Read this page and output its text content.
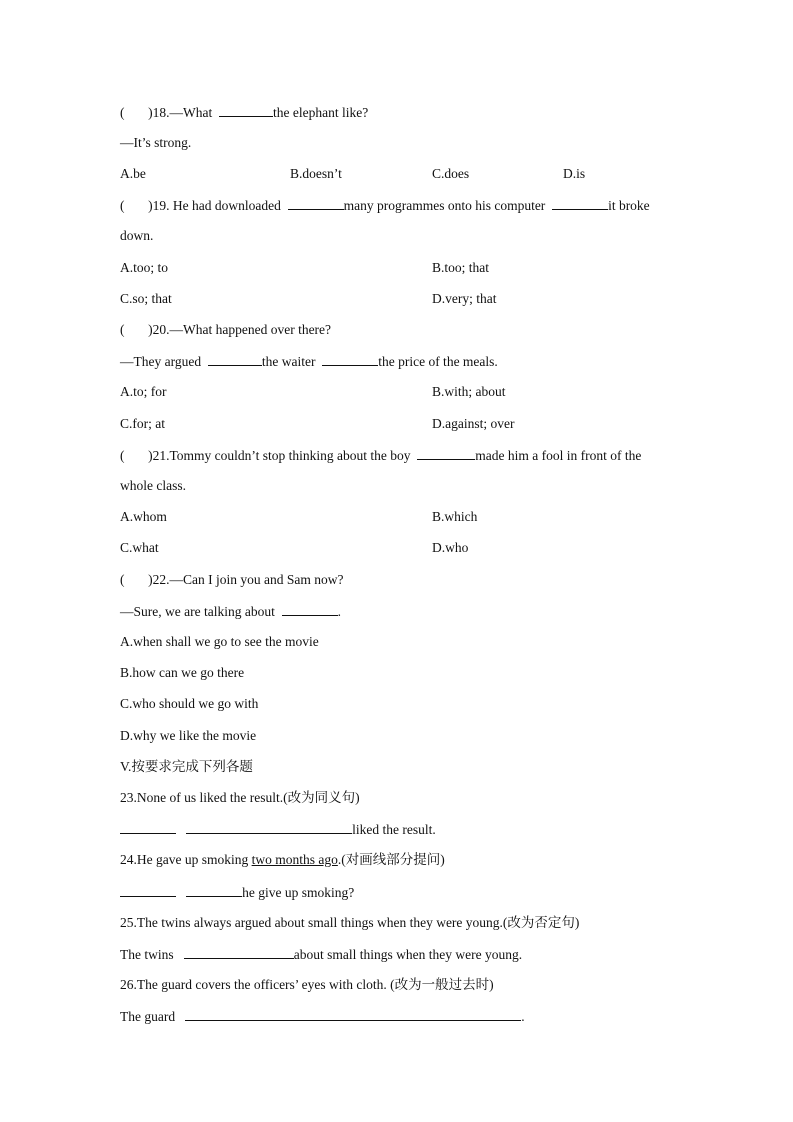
(       )18.—What	the elephant like?
—It’s strong.
A.be	B.doesn’t	C.does	D.is
(       )19. He had downloaded	many programmes onto his computer	it broke
down.
A.too; to	B.too; that
C.so; that	D.very; that
(       )20.—What happened over there?
—They argued	the waiter	the price of the meals.
A.to; for	B.with; about
C.for; at	D.against; over
(       )21.Tommy couldn’t stop thinking about the boy	made him a fool in front of the
whole class.
A.whom	B.which
C.what	D.who
(       )22.—Can I join you and Sam now?
—Sure, we are talking about	.
A.when shall we go to see the movie
B.how can we go there
C.who should we go with
D.why we like the movie
V.按要求完成下列各题
23.None of us liked the result.(改为同义句)
liked the result.
24.He gave up smoking two months ago.(对画线部分提问)
he give up smoking?
25.The twins always argued about small things when they were young.(改为否定句)
The twins	about small things when they were young.
26.The guard covers the officers’ eyes with cloth. (改为一般过去时)
The guard	.
